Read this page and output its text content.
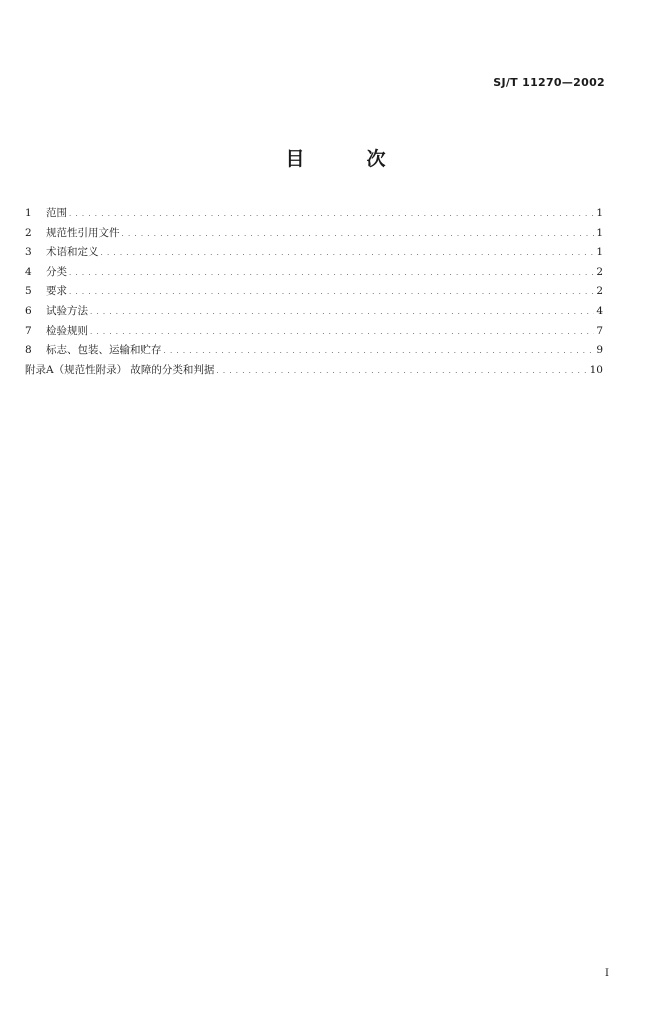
SJ/T 11270—2002
目次
1	范围 . . .	1
2	规范性引用文件 . . .	1
3	术语和定义 . . .	1
4	分类 . . .	2
5	要求 . . .	2
6	试验方法 . . .	4
7	检验规则 . . .	7
8	标志、包装、运输和贮存 . . .	9
附录A（规范性附录） 故障的分类和判据 . . .	10
I
